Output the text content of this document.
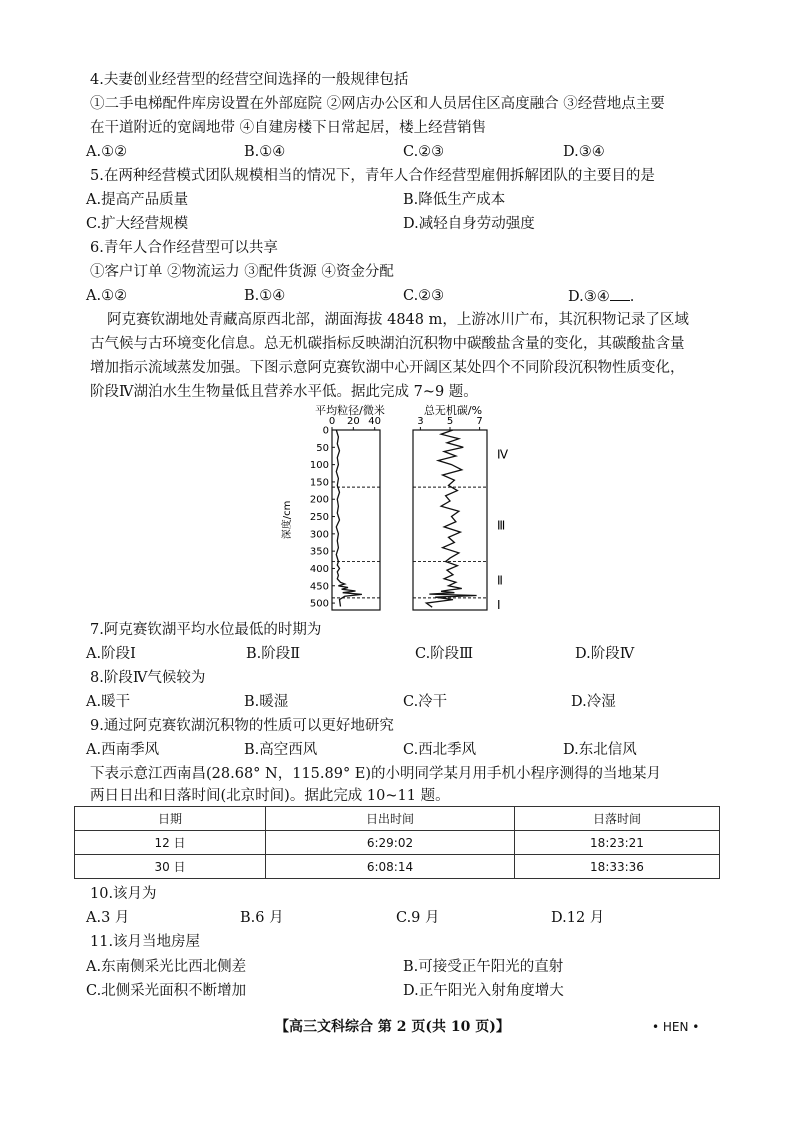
4.夫妻创业经营型的经营空间选择的一般规律包括
①二手电梯配件库房设置在外部庭院 ②网店办公区和人员居住区高度融合 ③经营地点主要
在干道附近的宽阔地带 ④自建房楼下日常起居，楼上经营销售
A.①②	B.①④	C.②③	D.③④
5.在两种经营模式团队规模相当的情况下，青年人合作经营型雇佣拆解团队的主要目的是
A.提高产品质量	B.降低生产成本
C.扩大经营规模	D.减轻自身劳动强度
6.青年人合作经营型可以共享
①客户订单 ②物流运力 ③配件货源 ④资金分配
A.①②	B.①④	C.②③	D.③④ .
阿克赛钦湖地处青藏高原西北部，湖面海拔 4848 m，上游冰川广布，其沉积物记录了区域
古气候与古环境变化信息。总无机碳指标反映湖泊沉积物中碳酸盐含量的变化，其碳酸盐含量
增加指示流域蒸发加强。下图示意阿克赛钦湖中心开阔区某处四个不同阶段沉积物性质变化，
阶段Ⅳ湖泊水生生物量低且营养水平低。据此完成 7~9 题。
平均粒径/微米	总无机碳/%
深度/cm
0 20 40
0
50
100
150
200
250
300
350
400
450
500
3 5 7
Ⅳ
Ⅲ
Ⅱ
Ⅰ
7.阿克赛钦湖平均水位最低的时期为
A.阶段Ⅰ	B.阶段Ⅱ	C.阶段Ⅲ	D.阶段Ⅳ
8.阶段Ⅳ气候较为
A.暖干	B.暖湿	C.冷干	D.冷湿
9.通过阿克赛钦湖沉积物的性质可以更好地研究
A.西南季风	B.高空西风	C.西北季风	D.东北信风
下表示意江西南昌(28.68° N，115.89° E)的小明同学某月用手机小程序测得的当地某月
两日日出和日落时间(北京时间)。据此完成 10~11 题。
日期	日出时间	日落时间
12 日	6:29:02	18:23:21
30 日	6:08:14	18:33:36
10.该月为
A.3 月	B.6 月	C.9 月	D.12 月
11.该月当地房屋
A.东南侧采光比西北侧差	B.可接受正午阳光的直射
C.北侧采光面积不断增加	D.正午阳光入射角度增大
【高三文科综合 第 2 页(共 10 页)】	• HEN •
